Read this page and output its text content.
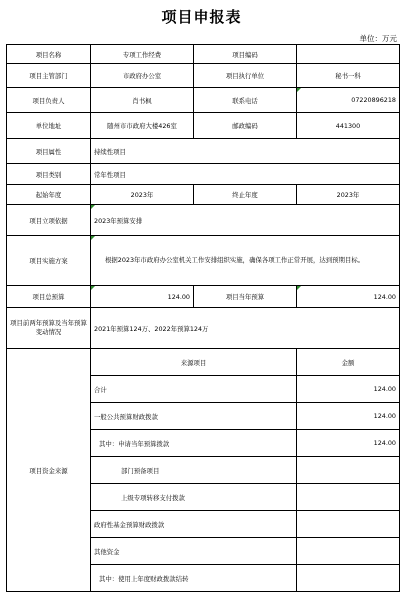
项目申报表
单位：万元
项目名称	专项工作经费	项目编码	
项目主管部门	市政府办公室	项目执行单位	秘书一科
项目负责人	肖书枫	联系电话	07220896218
单位地址	随州市市政府大楼426室	邮政编码	441300
项目属性	持续性项目		
项目类别	常年性项目		
起始年度	2023年	终止年度	2023年
项目立项依据	2023年预算安排		
项目实施方案	根据2023年市政府办公室机关工作安排组织实施，确保各项工作正常开展，达到预期目标。		
项目总预算	124.00	项目当年预算	124.00
项目前两年预算及当年预算变动情况	2021年预算124万、2022年预算124万		
项目资金来源	来源项目		金额
	合计		124.00
	一般公共预算财政拨款		124.00
	其中：申请当年预算拨款		124.00
	部门预备项目		
	上级专项转移支付拨款		
	政府性基金预算财政拨款		
	其他资金		
	其中：使用上年度财政拨款结转		
